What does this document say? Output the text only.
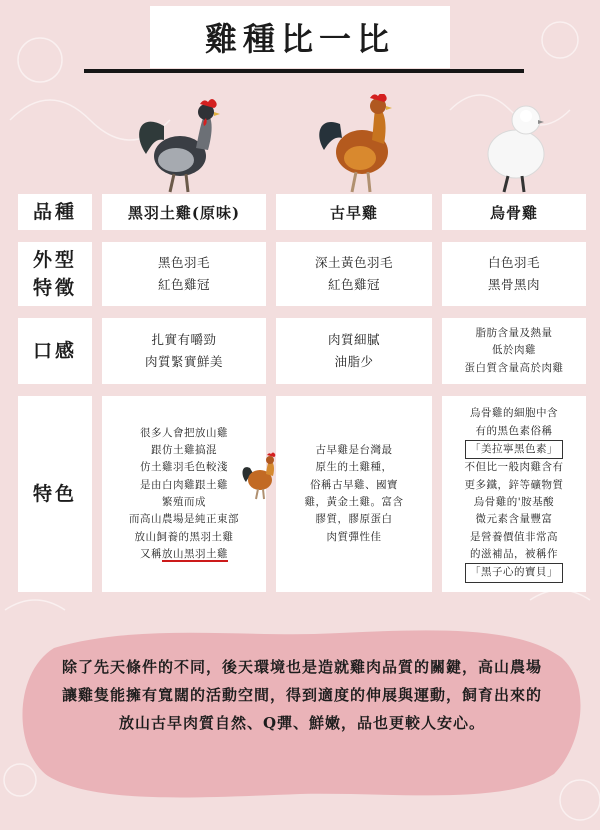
雞種比一比
品種
外型
特徵
口感
特色
黑羽土雞(原味)	古早雞	烏骨雞
黑色羽毛
紅色雞冠
深土黃色羽毛
紅色雞冠
白色羽毛
黑骨黑肉
扎實有嚼勁
肉質緊實鮮美
肉質細膩
油脂少
脂肪含量及熱量
低於肉雞
蛋白質含量高於肉雞
很多人會把放山雞
跟仿土雞搞混
仿土雞羽毛色較淺
是由白肉雞跟土雞
繁殖而成
而高山農場是純正東部
放山飼養的黑羽土雞
又稱放山黑羽土雞
古早雞是台灣最
原生的土雞種，
俗稱古早雞、國寶
雞，黃金土雞。富含
膠質，膠原蛋白
肉質彈性佳
烏骨雞的細胞中含
有的黑色素俗稱
「美拉寧黑色素」
不但比一般肉雞含有
更多鐵，鋅等礦物質
烏骨雞的'胺基酸
微元素含量豐富
是營養價值非常高
的滋補品，被稱作
「黑子心的寶貝」
除了先天條件的不同，後天環境也是造就雞肉品質的關鍵，高山農場讓雞隻能擁有寬闊的活動空間，得到適度的伸展與運動，飼育出來的放山古早肉質自然、Q彈、鮮嫩，品也更較人安心。
